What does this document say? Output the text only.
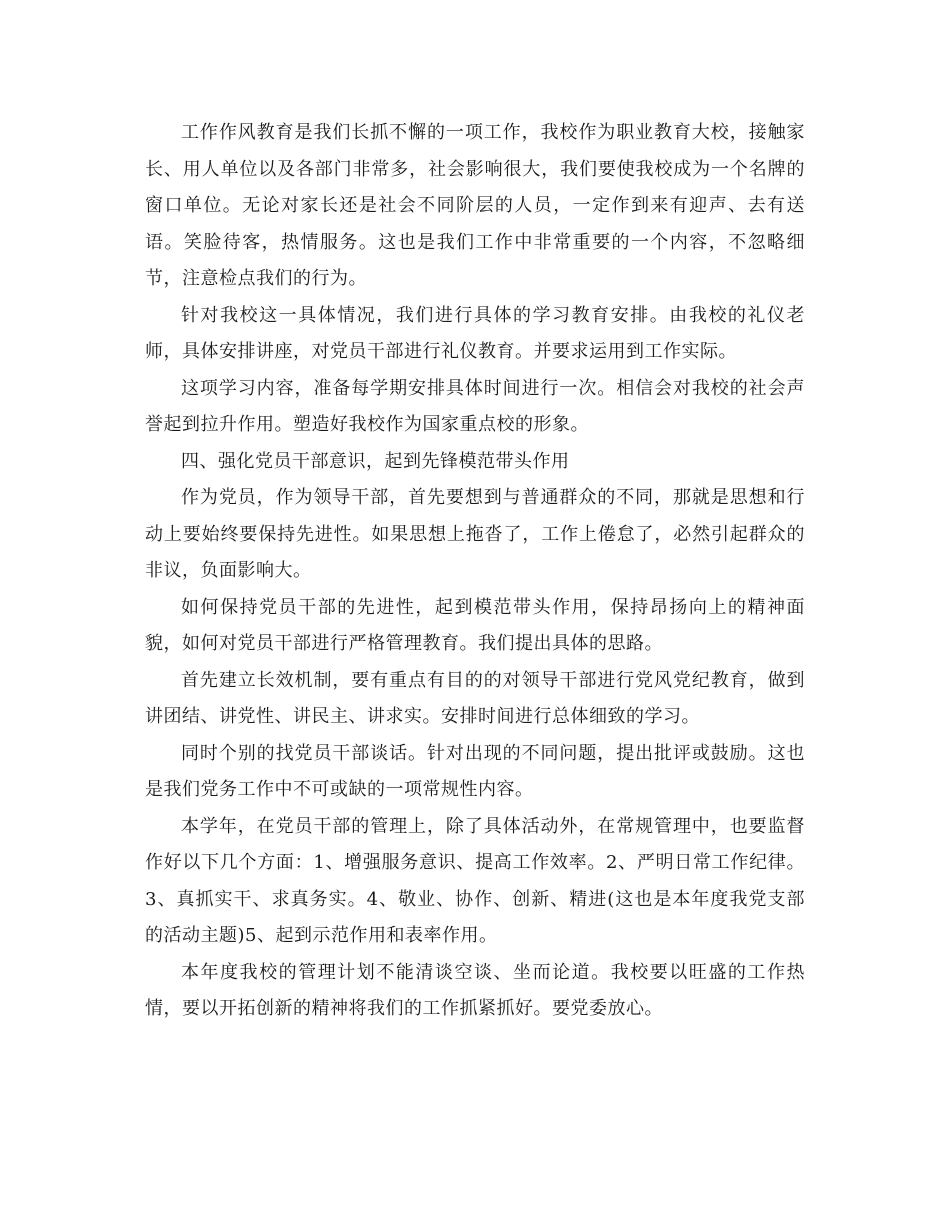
工作作风教育是我们长抓不懈的一项工作，我校作为职业教育大校，接触家长、用人单位以及各部门非常多，社会影响很大，我们要使我校成为一个名牌的窗口单位。无论对家长还是社会不同阶层的人员，一定作到来有迎声、去有送语。笑脸待客，热情服务。这也是我们工作中非常重要的一个内容，不忽略细节，注意检点我们的行为。

针对我校这一具体情况，我们进行具体的学习教育安排。由我校的礼仪老师，具体安排讲座，对党员干部进行礼仪教育。并要求运用到工作实际。

这项学习内容，准备每学期安排具体时间进行一次。相信会对我校的社会声誉起到拉升作用。塑造好我校作为国家重点校的形象。

四、强化党员干部意识，起到先锋模范带头作用

作为党员，作为领导干部，首先要想到与普通群众的不同，那就是思想和行动上要始终要保持先进性。如果思想上拖沓了，工作上倦怠了，必然引起群众的非议，负面影响大。

如何保持党员干部的先进性，起到模范带头作用，保持昂扬向上的精神面貌，如何对党员干部进行严格管理教育。我们提出具体的思路。

首先建立长效机制，要有重点有目的的对领导干部进行党风党纪教育，做到讲团结、讲党性、讲民主、讲求实。安排时间进行总体细致的学习。

同时个别的找党员干部谈话。针对出现的不同问题，提出批评或鼓励。这也是我们党务工作中不可或缺的一项常规性内容。

本学年，在党员干部的管理上，除了具体活动外，在常规管理中，也要监督作好以下几个方面：1、增强服务意识、提高工作效率。2、严明日常工作纪律。3、真抓实干、求真务实。4、敬业、协作、创新、精进(这也是本年度我党支部的活动主题)5、起到示范作用和表率作用。

本年度我校的管理计划不能清谈空谈、坐而论道。我校要以旺盛的工作热情，要以开拓创新的精神将我们的工作抓紧抓好。要党委放心。
